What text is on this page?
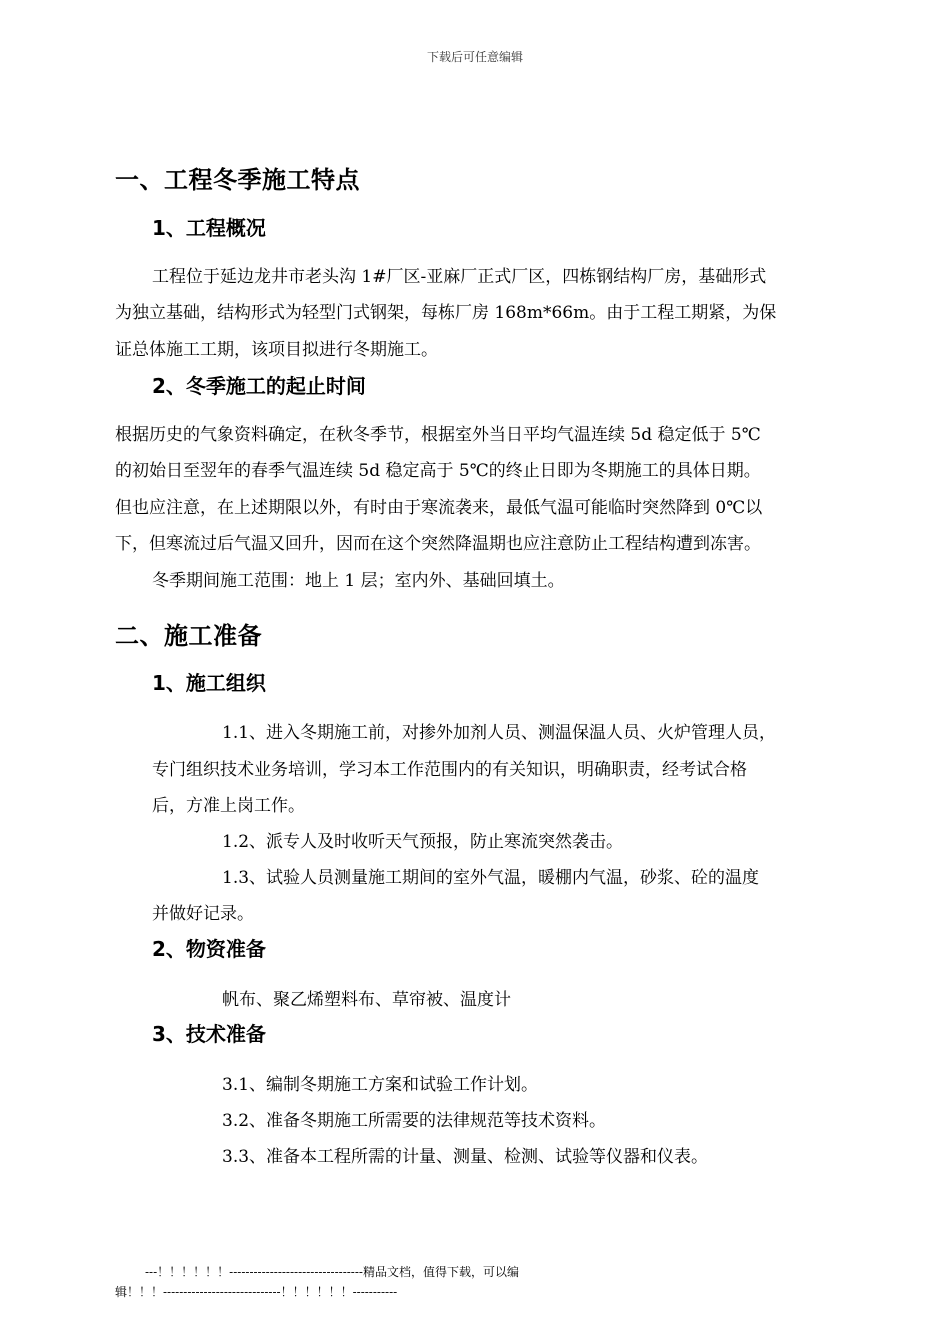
下载后可任意编辑
一、工程冬季施工特点
1、工程概况
工程位于延边龙井市老头沟 1#厂区-亚麻厂正式厂区，四栋钢结构厂房，基础形式
为独立基础，结构形式为轻型门式钢架，每栋厂房 168m*66m。由于工程工期紧，为保
证总体施工工期，该项目拟进行冬期施工。
2、冬季施工的起止时间
根据历史的气象资料确定，在秋冬季节，根据室外当日平均气温连续 5d 稳定低于 5℃
的初始日至翌年的春季气温连续 5d 稳定高于 5℃的终止日即为冬期施工的具体日期。
但也应注意，在上述期限以外，有时由于寒流袭来，最低气温可能临时突然降到 0℃以
下，但寒流过后气温又回升，因而在这个突然降温期也应注意防止工程结构遭到冻害。
冬季期间施工范围：地上 1 层；室内外、基础回填土。
二、施工准备
1、施工组织
1.1、进入冬期施工前，对掺外加剂人员、测温保温人员、火炉管理人员，
专门组织技术业务培训，学习本工作范围内的有关知识，明确职责，经考试合格
后，方准上岗工作。
1.2、派专人及时收听天气预报，防止寒流突然袭击。
1.3、试验人员测量施工期间的室外气温，暖棚内气温，砂浆、砼的温度
并做好记录。
2、物资准备
帆布、聚乙烯塑料布、草帘被、温度计
3、技术准备
3.1、编制冬期施工方案和试验工作计划。
3.2、准备冬期施工所需要的法律规范等技术资料。
3.3、准备本工程所需的计量、测量、检测、试验等仪器和仪表。
---！！！！！！---------------------------------精品文档，值得下载，可以编
辑！！！-----------------------------！！！！！！-----------
